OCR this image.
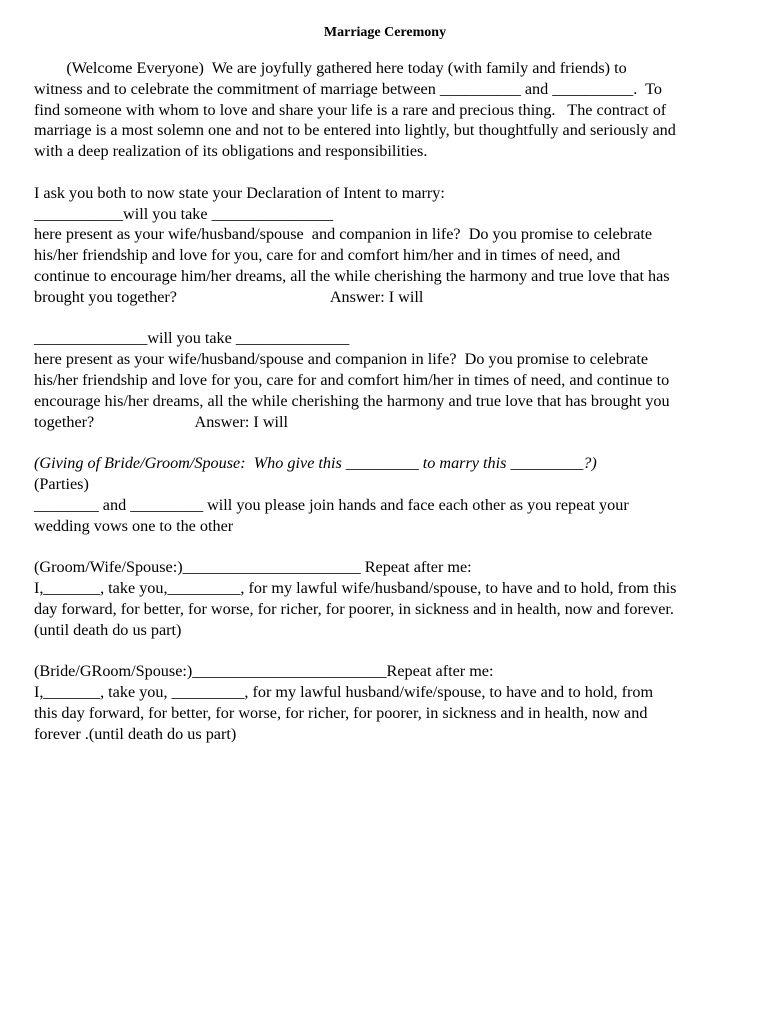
Marriage Ceremony
(Welcome Everyone)  We are joyfully gathered here today (with family and friends) to
witness and to celebrate the commitment of marriage between __________ and __________.  To
find someone with whom to love and share your life is a rare and precious thing.   The contract of
marriage is a most solemn one and not to be entered into lightly, but thoughtfully and seriously and
with a deep realization of its obligations and responsibilities.
I ask you both to now state your Declaration of Intent to marry:
___________will you take _______________
here present as your wife/husband/spouse  and companion in life?  Do you promise to celebrate
his/her friendship and love for you, care for and comfort him/her and in times of need, and
continue to encourage him/her dreams, all the while cherishing the harmony and true love that has
brought you together?                                      Answer: I will
______________will you take ______________
here present as your wife/husband/spouse and companion in life?  Do you promise to celebrate
his/her friendship and love for you, care for and comfort him/her in times of need, and continue to
encourage his/her dreams, all the while cherishing the harmony and true love that has brought you
together?                         Answer: I will
(Giving of Bride/Groom/Spouse:  Who give this _________ to marry this _________?)
(Parties)
________ and _________ will you please join hands and face each other as you repeat your
wedding vows one to the other
(Groom/Wife/Spouse:)______________________ Repeat after me:
I,_______, take you,_________, for my lawful wife/husband/spouse, to have and to hold, from this
day forward, for better, for worse, for richer, for poorer, in sickness and in health, now and forever.
(until death do us part)
(Bride/GRoom/Spouse:)________________________Repeat after me:
I,_______, take you, _________, for my lawful husband/wife/spouse, to have and to hold, from
this day forward, for better, for worse, for richer, for poorer, in sickness and in health, now and
forever .(until death do us part)
